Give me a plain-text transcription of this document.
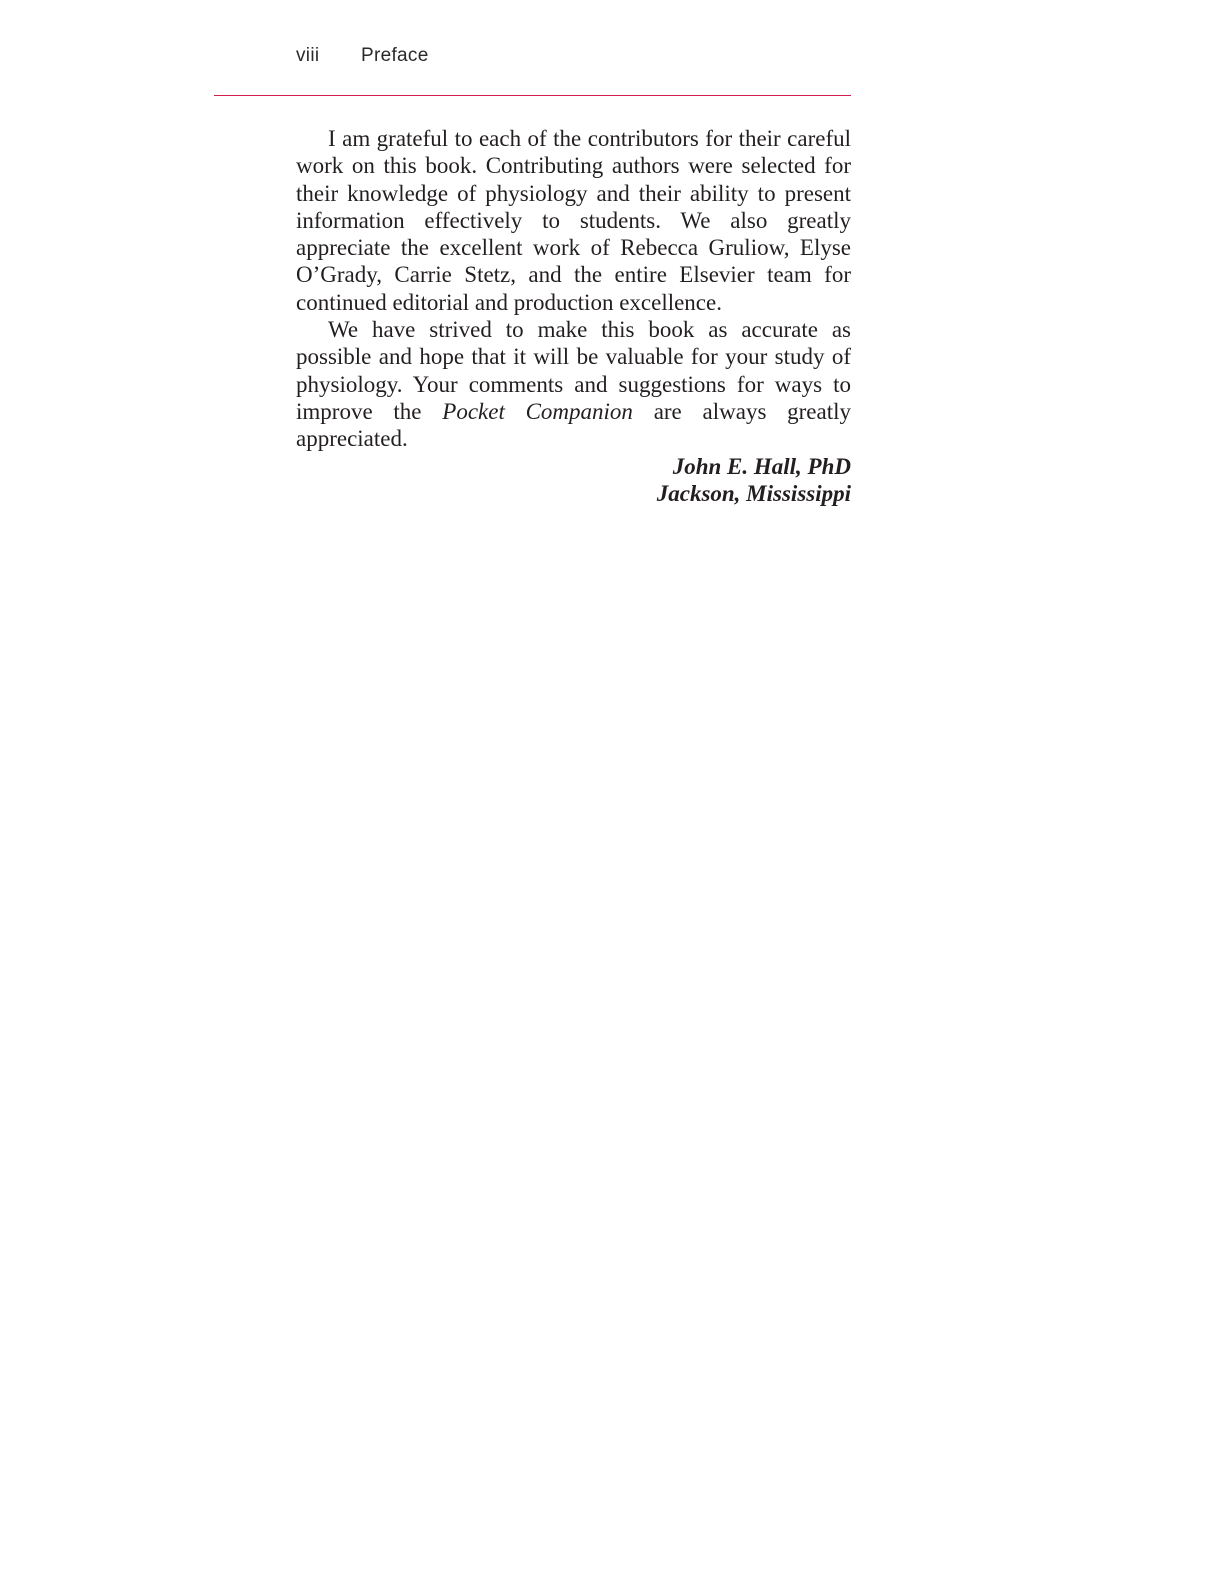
viii	Preface

I am grateful to each of the contributors for their careful work on this book. Contributing authors were selected for their knowledge of physiology and their ability to present information effectively to students. We also greatly appreciate the excellent work of Rebecca Gruliow, Elyse O’Grady, Carrie Stetz, and the entire Elsevier team for continued editorial and production excellence.

We have strived to make this book as accurate as possible and hope that it will be valuable for your study of physiology. Your comments and suggestions for ways to improve the Pocket Companion are always greatly appreciated.

John E. Hall, PhD
Jackson, Mississippi
